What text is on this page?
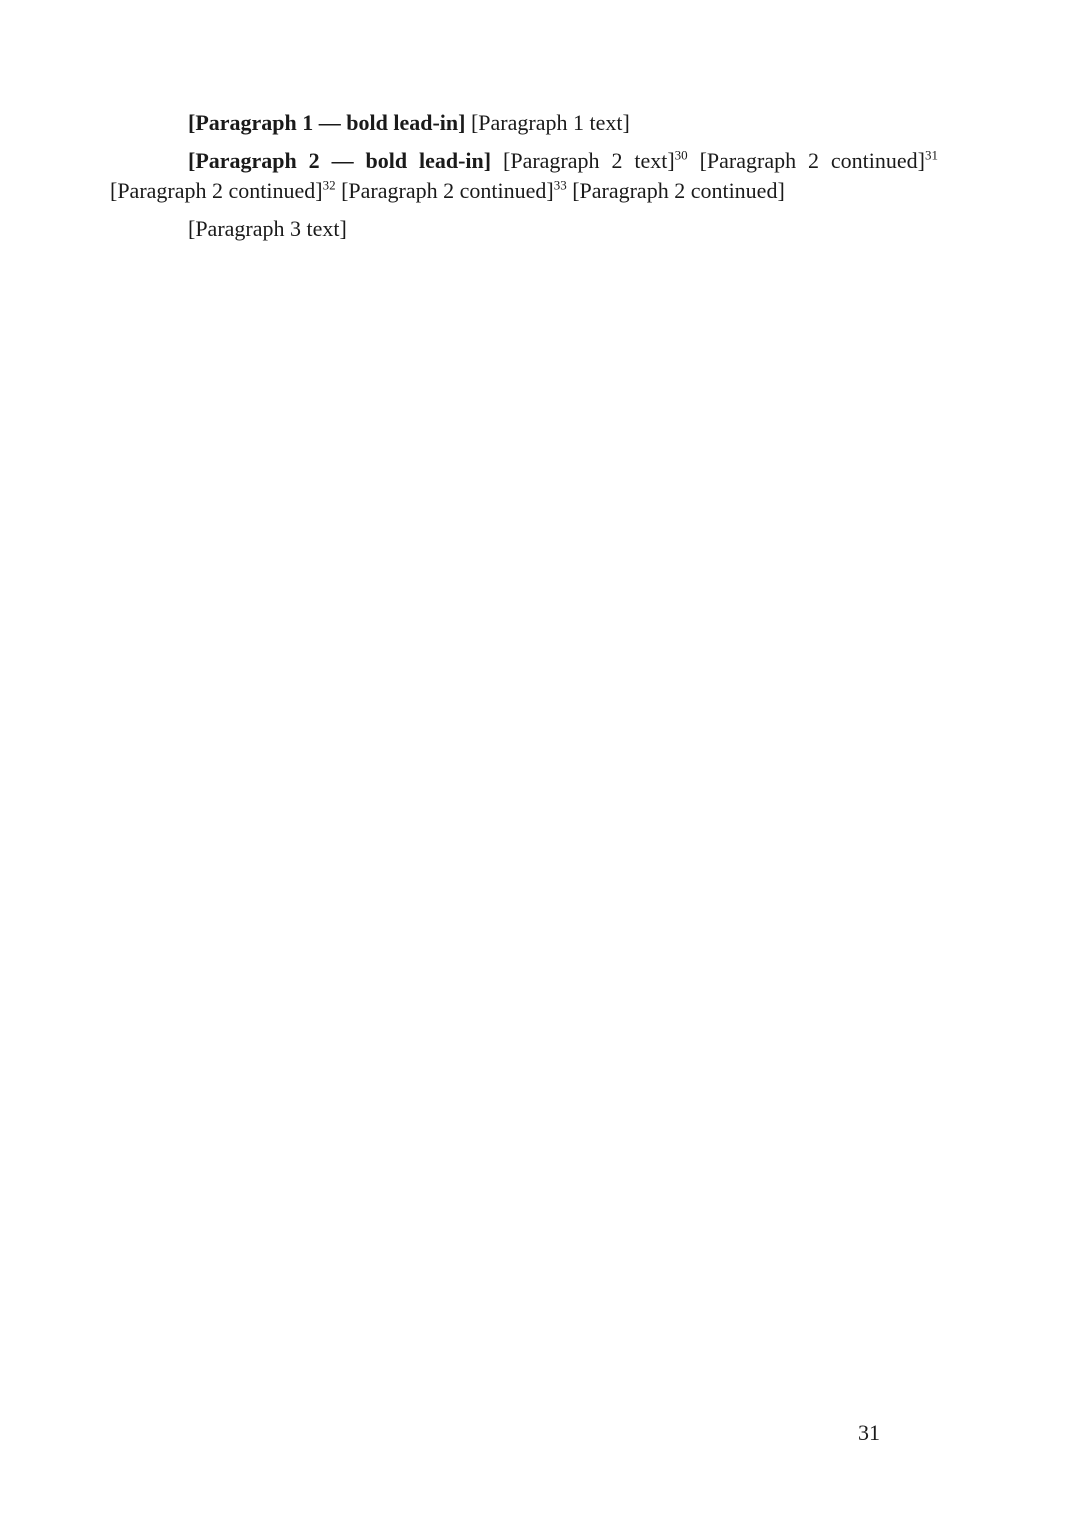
[Paragraph 1 — bold lead-in] [Paragraph 1 text]

[Paragraph 2 — bold lead-in] [Paragraph 2 text]$^{30}$ [Paragraph 2 continued]$^{31}$ [Paragraph 2 continued]$^{32}$ [Paragraph 2 continued]$^{33}$ [Paragraph 2 continued]

[Paragraph 3 text]

31
